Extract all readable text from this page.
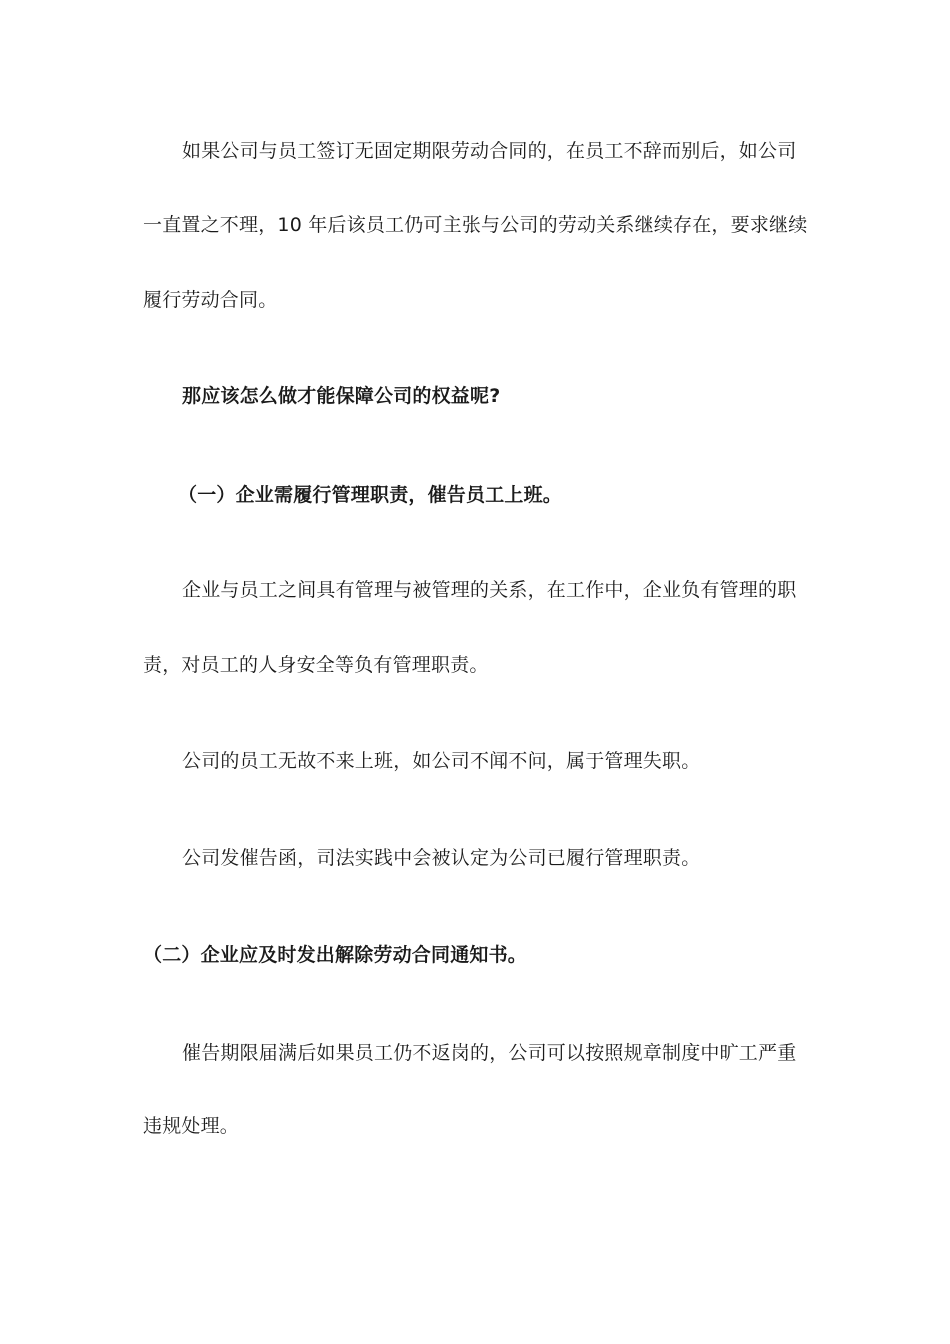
如果公司与员工签订无固定期限劳动合同的，在员工不辞而别后，如公司
一直置之不理，10 年后该员工仍可主张与公司的劳动关系继续存在，要求继续
履行劳动合同。
那应该怎么做才能保障公司的权益呢?
（一）企业需履行管理职责，催告员工上班。
企业与员工之间具有管理与被管理的关系，在工作中，企业负有管理的职
责，对员工的人身安全等负有管理职责。
公司的员工无故不来上班，如公司不闻不问，属于管理失职。
公司发催告函，司法实践中会被认定为公司已履行管理职责。
（二）企业应及时发出解除劳动合同通知书。
催告期限届满后如果员工仍不返岗的，公司可以按照规章制度中旷工严重
违规处理。
